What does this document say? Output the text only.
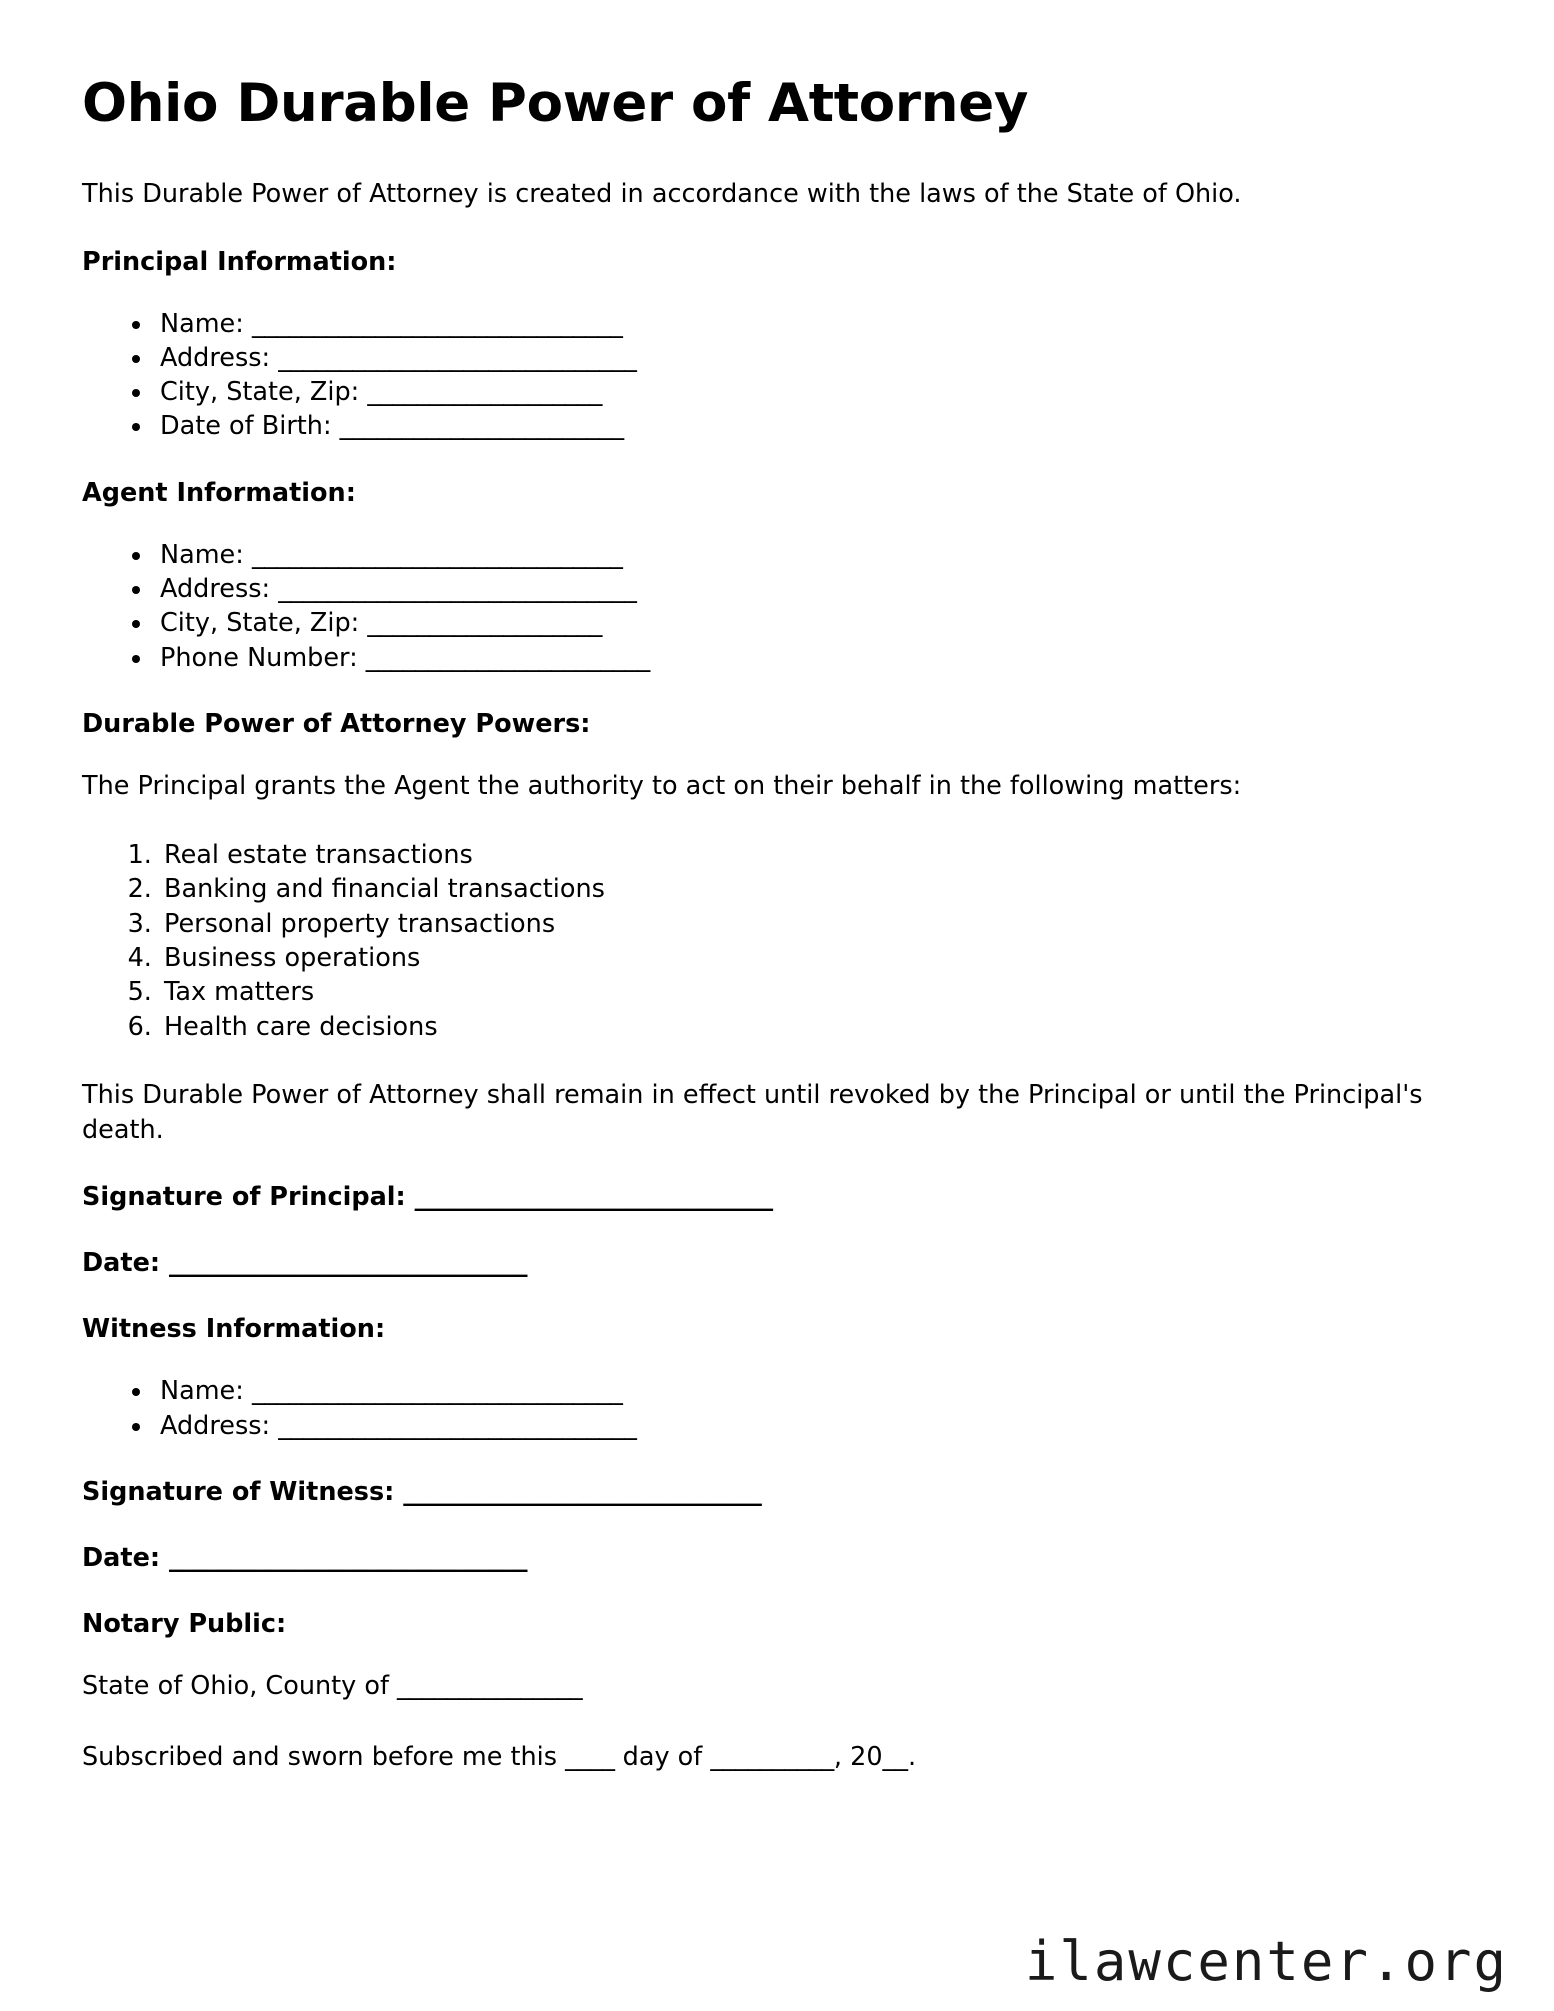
Ohio Durable Power of Attorney

This Durable Power of Attorney is created in accordance with the laws of the State of Ohio.

Principal Information:
• Name: ______________________________
• Address: _____________________________
• City, State, Zip: ___________________
• Date of Birth: _______________________
Agent Information:
• Name: ______________________________
• Address: _____________________________
• City, State, Zip: ___________________
• Phone Number: _______________________
Durable Power of Attorney Powers:

The Principal grants the Agent the authority to act on their behalf in the following matters:

1. Real estate transactions
2. Banking and financial transactions
3. Personal property transactions
4. Business operations
5. Tax matters
6. Health care decisions

This Durable Power of Attorney shall remain in effect until revoked by the Principal or until the Principal's death.

Signature of Principal: _____________________________

Date: _____________________________

Witness Information:
• Name: ______________________________
• Address: _____________________________

Signature of Witness: _____________________________

Date: _____________________________

Notary Public:

State of Ohio, County of _______________

Subscribed and sworn before me this ____ day of __________, 20__.

ilawcenter.org
